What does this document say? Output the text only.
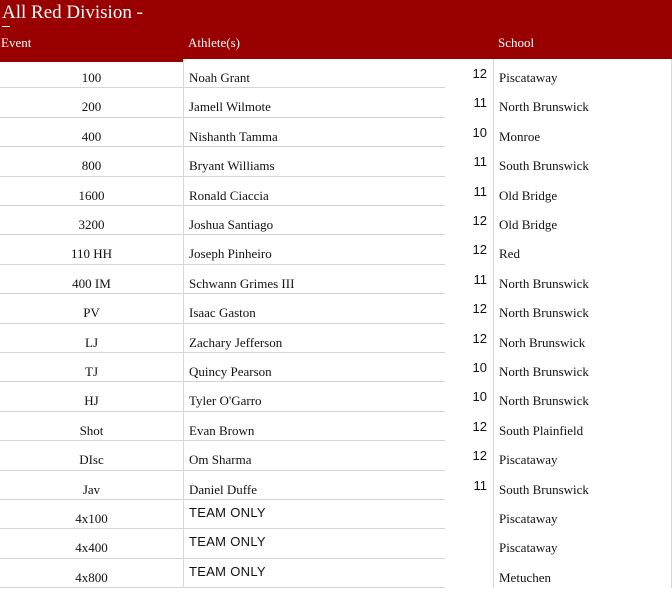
All Red Division -
Event	Athlete(s)	School
100	Noah Grant	12 Piscataway
200	Jamell Wilmote	11 North Brunswick
400	Nishanth Tamma	10 Monroe
800	Bryant Williams	11 South Brunswick
1600	Ronald Ciaccia	11 Old Bridge
3200	Joshua Santiago	12 Old Bridge
110 HH	Joseph Pinheiro	12 Red
400 IM	Schwann Grimes III	11 North Brunswick
PV	Isaac Gaston	12 North Brunswick
LJ	Zachary Jefferson	12 Norh Brunswick
TJ	Quincy Pearson	10 North Brunswick
HJ	Tyler O'Garro	10 North Brunswick
Shot	Evan Brown	12 South Plainfield
DIsc	Om Sharma	12 Piscataway
Jav	Daniel Duffe	11 South Brunswick
4x100	TEAM ONLY	Piscataway
4x400	TEAM ONLY	Piscataway
4x800	TEAM ONLY	Metuchen
